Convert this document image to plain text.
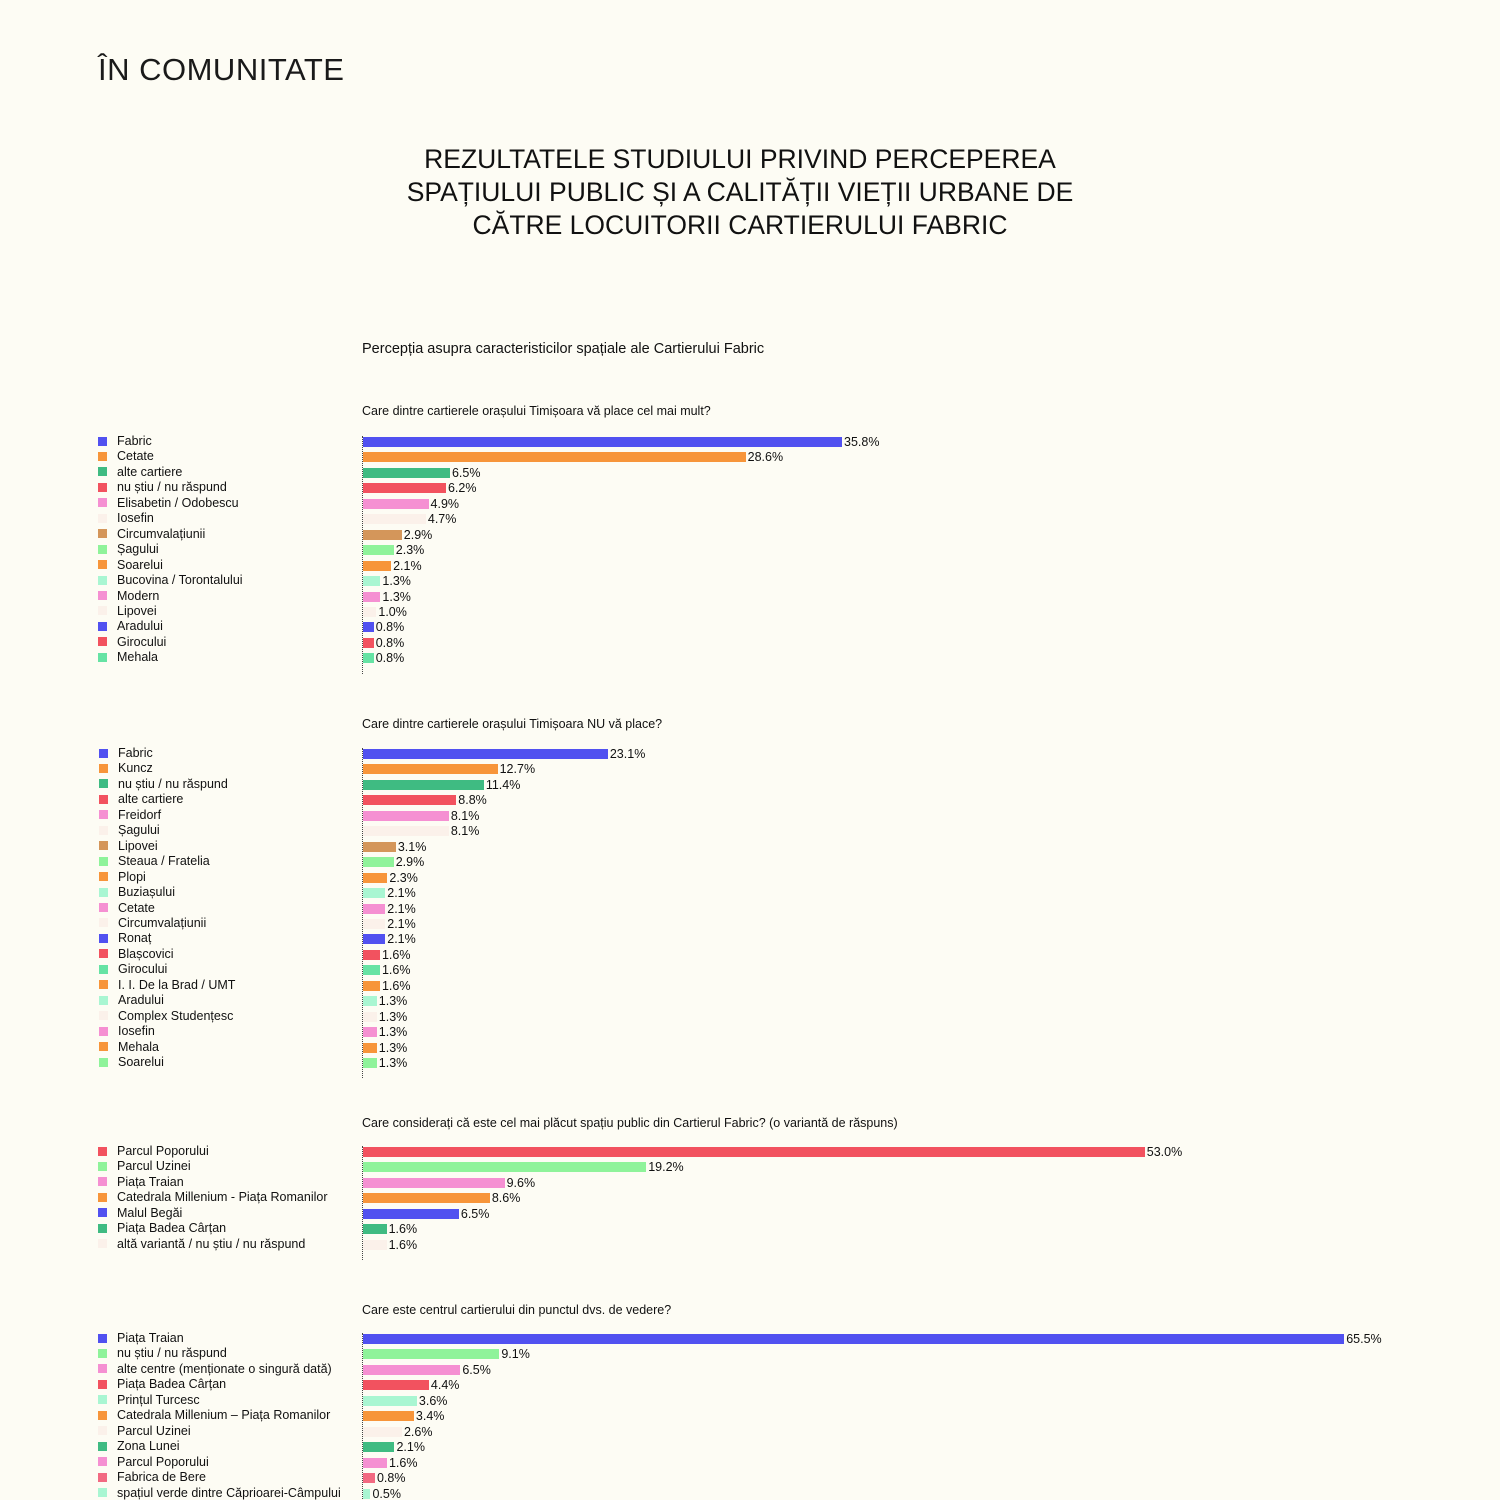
ÎN COMUNITATE
REZULTATELE STUDIULUI PRIVIND PERCEPEREA
SPAȚIULUI PUBLIC ȘI A CALITĂȚII VIEȚII URBANE DE
CĂTRE LOCUITORII CARTIERULUI FABRIC
Percepția asupra caracteristicilor spațiale ale Cartierului Fabric
Care dintre cartierele orașului Timișoara vă place cel mai mult?
Fabric	35.8%
Cetate	28.6%
alte cartiere	6.5%
nu știu / nu răspund	6.2%
Elisabetin / Odobescu	4.9%
Iosefin	4.7%
Circumvalațiunii	2.9%
Șagului	2.3%
Soarelui	2.1%
Bucovina / Torontalului	1.3%
Modern	1.3%
Lipovei	1.0%
Aradului	0.8%
Girocului	0.8%
Mehala	0.8%
Care dintre cartierele orașului Timișoara NU vă place?
Fabric	23.1%
Kuncz	12.7%
nu știu / nu răspund	11.4%
alte cartiere	8.8%
Freidorf	8.1%
Șagului	8.1%
Lipovei	3.1%
Steaua / Fratelia	2.9%
Plopi	2.3%
Buziașului	2.1%
Cetate	2.1%
Circumvalațiunii	2.1%
Ronaț	2.1%
Blașcovici	1.6%
Girocului	1.6%
I. I. De la Brad / UMT	1.6%
Aradului	1.3%
Complex Studențesc	1.3%
Iosefin	1.3%
Mehala	1.3%
Soarelui	1.3%
Care considerați că este cel mai plăcut spațiu public din Cartierul Fabric? (o variantă de răspuns)
Parcul Poporului	53.0%
Parcul Uzinei	19.2%
Piața Traian	9.6%
Catedrala Millenium - Piața Romanilor	8.6%
Malul Begăi	6.5%
Piața Badea Cârțan	1.6%
altă variantă / nu știu / nu răspund	1.6%
Care este centrul cartierului din punctul dvs. de vedere?
Piața Traian	65.5%
nu știu / nu răspund	9.1%
alte centre (menționate o singură dată)	6.5%
Piața Badea Cârțan	4.4%
Prințul Turcesc	3.6%
Catedrala Millenium – Piața Romanilor	3.4%
Parcul Uzinei	2.6%
Zona Lunei	2.1%
Parcul Poporului	1.6%
Fabrica de Bere	0.8%
spațiul verde dintre Căprioarei-Câmpului	0.5%
